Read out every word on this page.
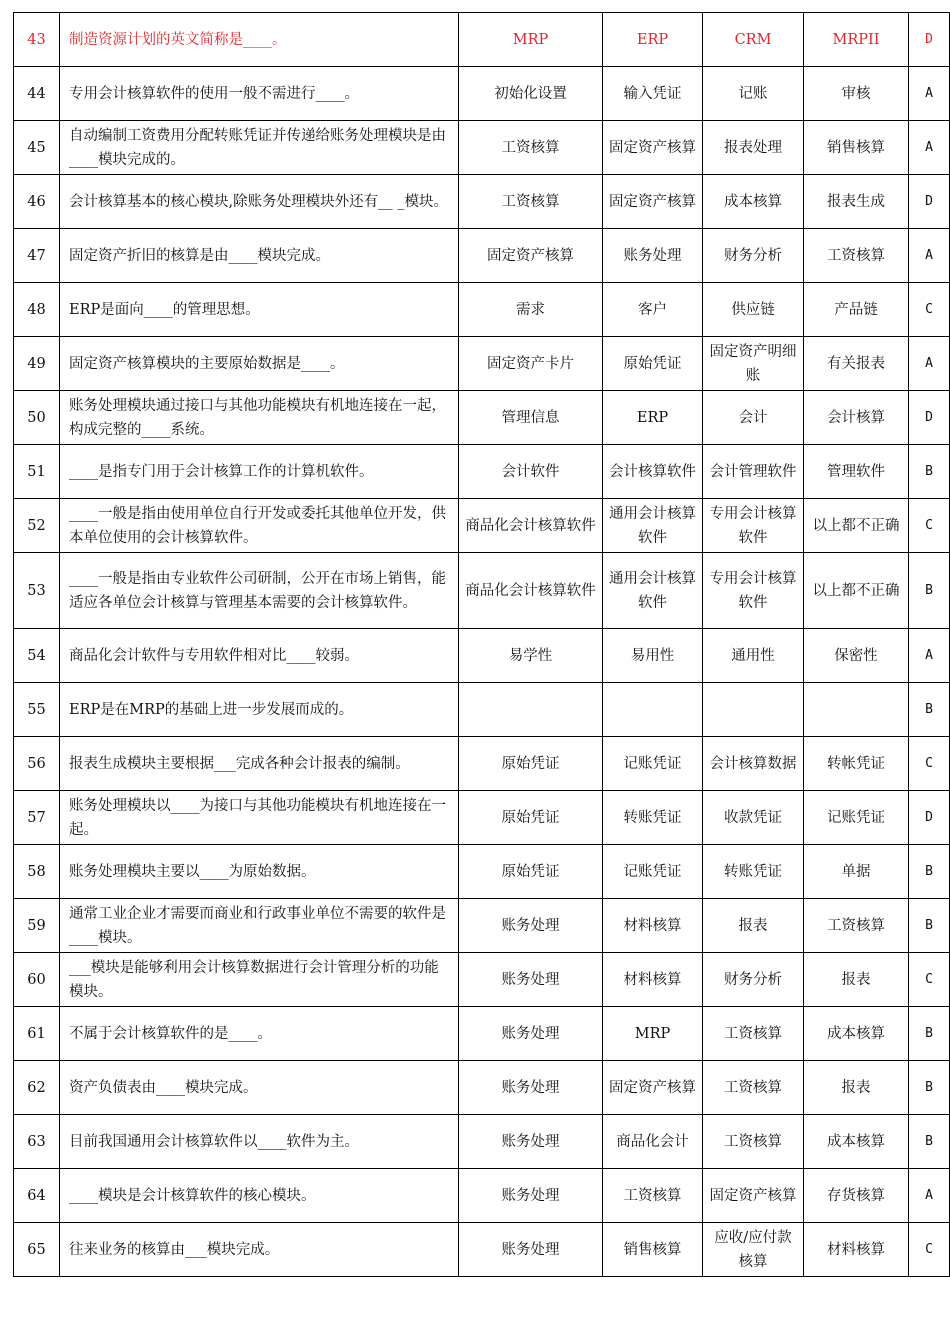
43	制造资源计划的英文简称是____。	MRP	ERP	CRM	MRPII	D
44	专用会计核算软件的使用一般不需进行____。	初始化设置	输入凭证	记账	审核	A
45	自动编制工资费用分配转账凭证并传递给账务处理模块是由____模块完成的。	工资核算	固定资产核算	报表处理	销售核算	A
46	会计核算基本的核心模块,除账务处理模块外还有__ _模块。	工资核算	固定资产核算	成本核算	报表生成	D
47	固定资产折旧的核算是由____模块完成。	固定资产核算	账务处理	财务分析	工资核算	A
48	ERP是面向____的管理思想。	需求	客户	供应链	产品链	C
49	固定资产核算模块的主要原始数据是____。	固定资产卡片	原始凭证	固定资产明细账	有关报表	A
50	账务处理模块通过接口与其他功能模块有机地连接在一起，构成完整的____系统。	管理信息	ERP	会计	会计核算	D
51	____是指专门用于会计核算工作的计算机软件。	会计软件	会计核算软件	会计管理软件	管理软件	B
52	____一般是指由使用单位自行开发或委托其他单位开发，供本单位使用的会计核算软件。	商品化会计核算软件	通用会计核算软件	专用会计核算软件	以上都不正确	C
53	____一般是指由专业软件公司研制，公开在市场上销售，能适应各单位会计核算与管理基本需要的会计核算软件。	商品化会计核算软件	通用会计核算软件	专用会计核算软件	以上都不正确	B
54	商品化会计软件与专用软件相对比____较弱。	易学性	易用性	通用性	保密性	A
55	ERP是在MRP的基础上进一步发展而成的。					B
56	报表生成模块主要根据___完成各种会计报表的编制。	原始凭证	记账凭证	会计核算数据	转帐凭证	C
57	账务处理模块以____为接口与其他功能模块有机地连接在一起。	原始凭证	转账凭证	收款凭证	记账凭证	D
58	账务处理模块主要以____为原始数据。	原始凭证	记账凭证	转账凭证	单据	B
59	通常工业企业才需要而商业和行政事业单位不需要的软件是____模块。	账务处理	材料核算	报表	工资核算	B
60	___模块是能够利用会计核算数据进行会计管理分析的功能模块。	账务处理	材料核算	财务分析	报表	C
61	不属于会计核算软件的是____。	账务处理	MRP	工资核算	成本核算	B
62	资产负债表由____模块完成。	账务处理	固定资产核算	工资核算	报表	B
63	目前我国通用会计核算软件以____软件为主。	账务处理	商品化会计	工资核算	成本核算	B
64	____模块是会计核算软件的核心模块。	账务处理	工资核算	固定资产核算	存货核算	A
65	往来业务的核算由___模块完成。	账务处理	销售核算	应收/应付款核算	材料核算	C
